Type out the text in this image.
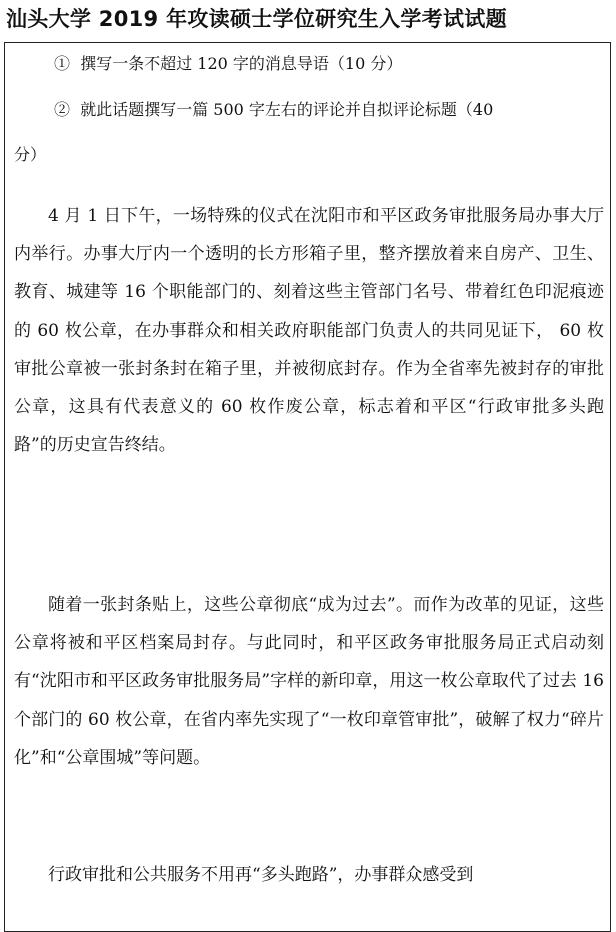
汕头大学 2019 年攻读硕士学位研究生入学考试试题
① 撰写一条不超过 120 字的消息导语（10 分）
② 就此话题撰写一篇 500 字左右的评论并自拟评论标题（40
分）

4 月 1 日下午，一场特殊的仪式在沈阳市和平区政务审批服务局办事大厅内举行。办事大厅内一个透明的长方形箱子里，整齐摆放着来自房产、卫生、教育、城建等 16 个职能部门的、刻着这些主管部门名号、带着红色印泥痕迹的 60 枚公章，在办事群众和相关政府职能部门负责人的共同见证下， 60 枚审批公章被一张封条封在箱子里，并被彻底封存。作为全省率先被封存的审批公章，这具有代表意义的 60 枚作废公章，标志着和平区“行政审批多头跑路”的历史宣告终结。

随着一张封条贴上，这些公章彻底“成为过去”。而作为改革的见证，这些公章将被和平区档案局封存。与此同时，和平区政务审批服务局正式启动刻有“沈阳市和平区政务审批服务局”字样的新印章，用这一枚公章取代了过去 16 个部门的 60 枚公章，在省内率先实现了“一枚印章管审批”，破解了权力“碎片化”和“公章围城”等问题。

行政审批和公共服务不用再“多头跑路”，办事群众感受到
